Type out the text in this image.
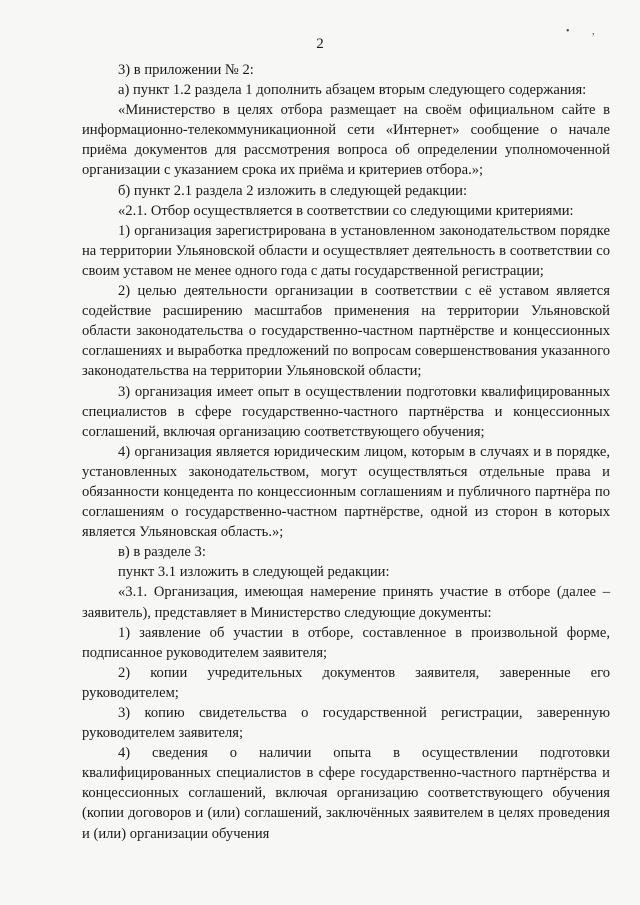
• ,
2

3) в приложении № 2:

а) пункт 1.2 раздела 1 дополнить абзацем вторым следующего содержания:

«Министерство в целях отбора размещает на своём официальном сайте в информационно-телекоммуникационной сети «Интернет» сообщение о начале приёма документов для рассмотрения вопроса об определении уполномоченной организации с указанием срока их приёма и критериев отбора.»;

б) пункт 2.1 раздела 2 изложить в следующей редакции:

«2.1. Отбор осуществляется в соответствии со следующими критериями:

1) организация зарегистрирована в установленном законодательством порядке на территории Ульяновской области и осуществляет деятельность в соответствии со своим уставом не менее одного года с даты государственной регистрации;

2) целью деятельности организации в соответствии с её уставом является содействие расширению масштабов применения на территории Ульяновской области законодательства о государственно-частном партнёрстве и концессионных соглашениях и выработка предложений по вопросам совершенствования указанного законодательства на территории Ульяновской области;

3) организация имеет опыт в осуществлении подготовки квалифицированных специалистов в сфере государственно-частного партнёрства и концессионных соглашений, включая организацию соответствующего обучения;

4) организация является юридическим лицом, которым в случаях и в порядке, установленных законодательством, могут осуществляться отдельные права и обязанности концедента по концессионным соглашениям и публичного партнёра по соглашениям о государственно-частном партнёрстве, одной из сторон в которых является Ульяновская область.»;

в) в разделе 3:

пункт 3.1 изложить в следующей редакции:

«3.1. Организация, имеющая намерение принять участие в отборе (далее – заявитель), представляет в Министерство следующие документы:

1) заявление об участии в отборе, составленное в произвольной форме, подписанное руководителем заявителя;

2) копии учредительных документов заявителя, заверенные его руководителем;

3) копию свидетельства о государственной регистрации, заверенную руководителем заявителя;

4) сведения о наличии опыта в осуществлении подготовки квалифицированных специалистов в сфере государственно-частного партнёрства и концессионных соглашений, включая организацию соответствующего обучения (копии договоров и (или) соглашений, заключённых заявителем в целях проведения и (или) организации обучения
